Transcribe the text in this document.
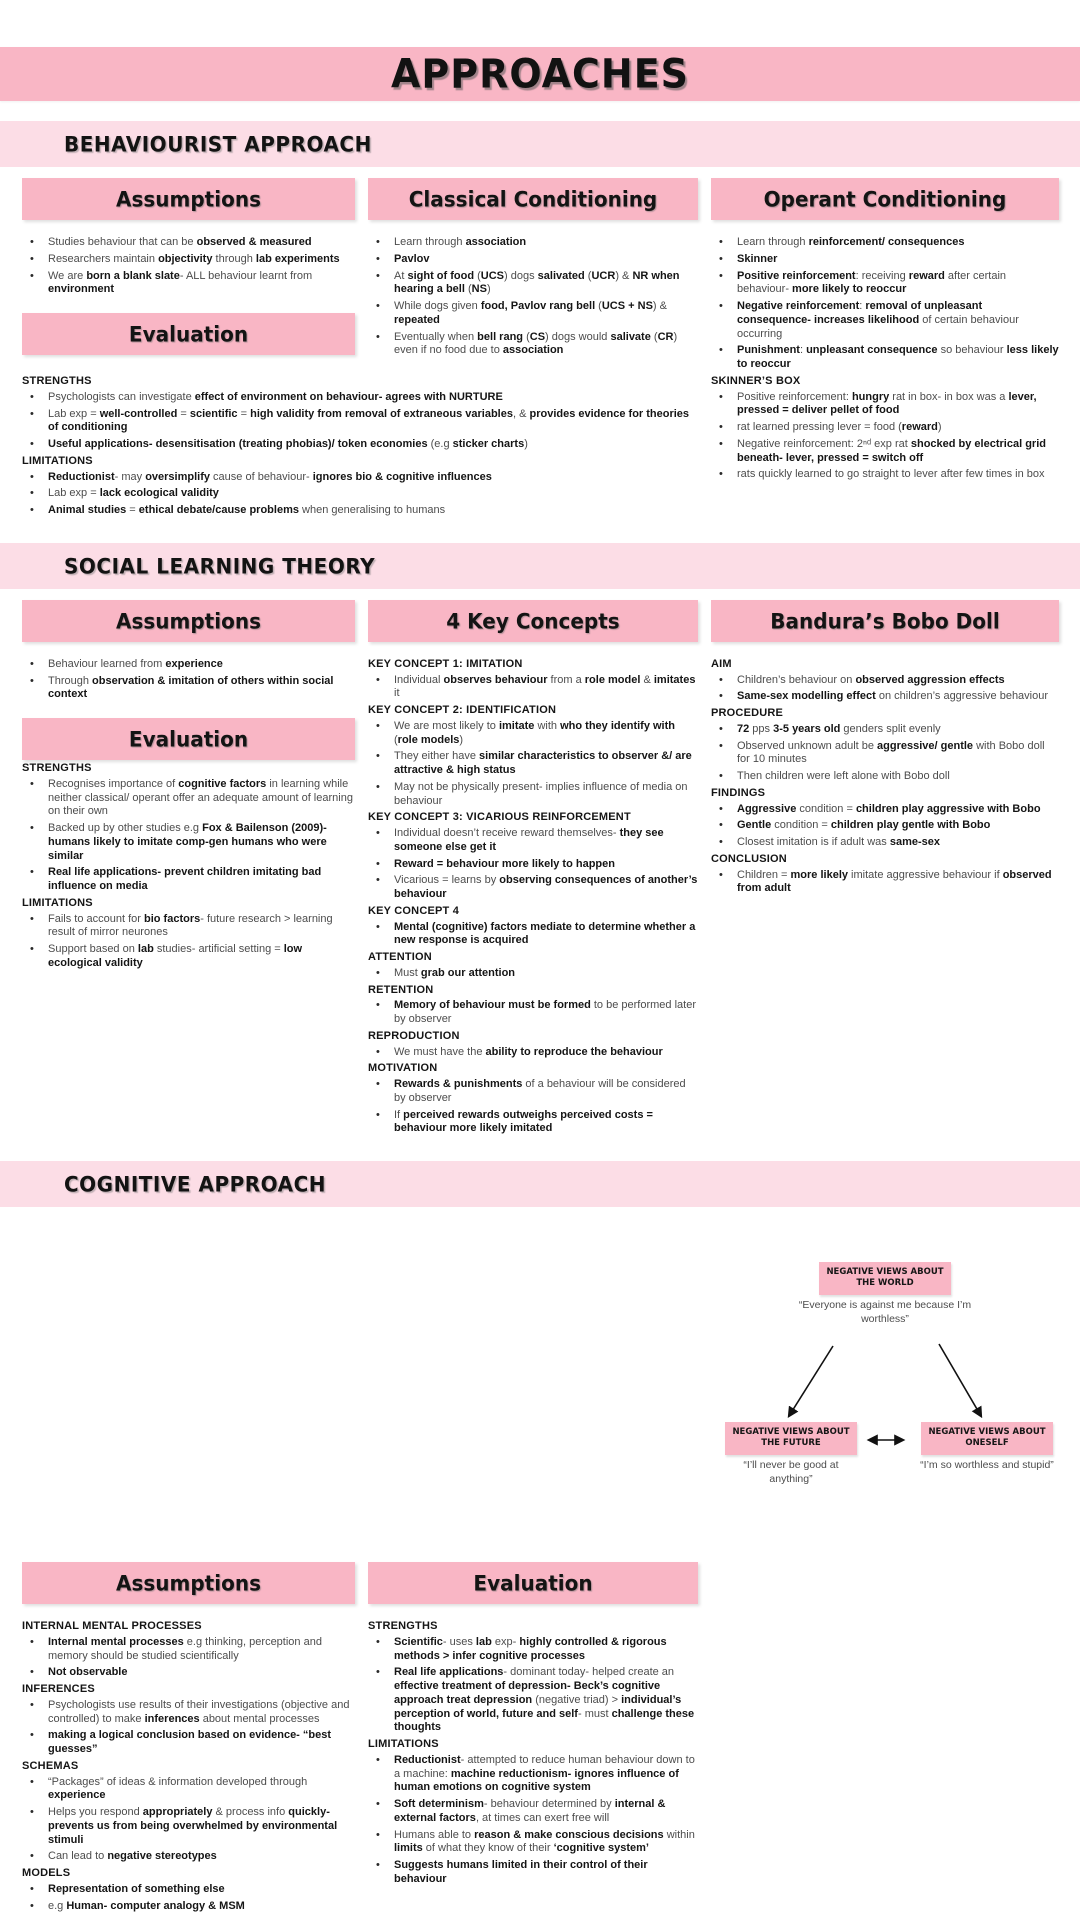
APPROACHES
BEHAVIOURIST APPROACH
Assumptions
•	Studies behaviour that can be observed & measured
•	Researchers maintain objectivity through lab experiments
•	We are born a blank slate- ALL behaviour learnt from environment
Evaluation
Classical Conditioning
•	Learn through association
•	Pavlov
•	At sight of food (UCS) dogs salivated (UCR) & NR when hearing a bell (NS)
•	While dogs given food, Pavlov rang bell (UCS + NS) & repeated
•	Eventually when bell rang (CS) dogs would salivate (CR) even if no food due to association
Operant Conditioning
•	Learn through reinforcement/ consequences
•	Skinner
•	Positive reinforcement: receiving reward after certain behaviour- more likely to reoccur
•	Negative reinforcement: removal of unpleasant consequence- increases likelihood of certain behaviour occurring
•	Punishment: unpleasant consequence so behaviour less likely to reoccur
SKINNER’S BOX
•	Positive reinforcement: hungry rat in box- in box was a lever, pressed = deliver pellet of food
•	rat learned pressing lever = food (reward)
•	Negative reinforcement: 2ⁿᵈ exp rat shocked by electrical grid beneath- lever, pressed = switch off
•	rats quickly learned to go straight to lever after few times in box
STRENGTHS
•	Psychologists can investigate effect of environment on behaviour- agrees with NURTURE
•	Lab exp = well-controlled = scientific = high validity from removal of extraneous variables, & provides evidence for theories of conditioning
•	Useful applications- desensitisation (treating phobias)/ token economies (e.g sticker charts)
LIMITATIONS
•	Reductionist- may oversimplify cause of behaviour- ignores bio & cognitive influences
•	Lab exp = lack ecological validity
•	Animal studies = ethical debate/cause problems when generalising to humans
SOCIAL LEARNING THEORY
Assumptions
•	Behaviour learned from experience
•	Through observation & imitation of others within social context
Evaluation
STRENGTHS
•	Recognises importance of cognitive factors in learning while neither classical/ operant offer an adequate amount of learning on their own
•	Backed up by other studies e.g Fox & Bailenson (2009)- humans likely to imitate comp-gen humans who were similar
•	Real life applications- prevent children imitating bad influence on media
LIMITATIONS
•	Fails to account for bio factors- future research > learning result of mirror neurones
•	Support based on lab studies- artificial setting = low ecological validity
4 Key Concepts
KEY CONCEPT 1: IMITATION
•	Individual observes behaviour from a role model & imitates it
KEY CONCEPT 2: IDENTIFICATION
•	We are most likely to imitate with who they identify with (role models)
•	They either have similar characteristics to observer &/ are attractive & high status
•	May not be physically present- implies influence of media on behaviour
KEY CONCEPT 3: VICARIOUS REINFORCEMENT
•	Individual doesn’t receive reward themselves- they see someone else get it
•	Reward = behaviour more likely to happen
•	Vicarious = learns by observing consequences of another’s behaviour
KEY CONCEPT 4
•	Mental (cognitive) factors mediate to determine whether a new response is acquired
ATTENTION
•	Must grab our attention
RETENTION
•	Memory of behaviour must be formed to be performed later by observer
REPRODUCTION
•	We must have the ability to reproduce the behaviour
MOTIVATION
•	Rewards & punishments of a behaviour will be considered by observer
•	If perceived rewards outweighs perceived costs = behaviour more likely imitated
Bandura’s Bobo Doll
AIM
•	Children’s behaviour on observed aggression effects
•	Same-sex modelling effect on children’s aggressive behaviour
PROCEDURE
•	72 pps 3-5 years old genders split evenly
•	Observed unknown adult be aggressive/ gentle with Bobo doll for 10 minutes
•	Then children were left alone with Bobo doll
FINDINGS
•	Aggressive condition = children play aggressive with Bobo
•	Gentle condition = children play gentle with Bobo
•	Closest imitation is if adult was same-sex
CONCLUSION
•	Children = more likely imitate aggressive behaviour if observed from adult
COGNITIVE APPROACH
NEGATIVE VIEWS ABOUT THE WORLD
“Everyone is against me because I’m worthless”
NEGATIVE VIEWS ABOUT THE FUTURE
“I’ll never be good at anything”
NEGATIVE VIEWS ABOUT ONESELF
“I’m so worthless and stupid”
Assumptions
INTERNAL MENTAL PROCESSES
•	Internal mental processes e.g thinking, perception and memory should be studied scientifically
•	Not observable
INFERENCES
•	Psychologists use results of their investigations (objective and controlled) to make inferences about mental processes
•	making a logical conclusion based on evidence- “best guesses”
SCHEMAS
•	“Packages” of ideas & information developed through experience
•	Helps you respond appropriately & process info quickly- prevents us from being overwhelmed by environmental stimuli
•	Can lead to negative stereotypes
MODELS
•	Representation of something else
•	e.g Human- computer analogy & MSM
Evaluation
STRENGTHS
•	Scientific- uses lab exp- highly controlled & rigorous methods > infer cognitive processes
•	Real life applications- dominant today- helped create an effective treatment of depression- Beck’s cognitive approach treat depression (negative triad) > individual’s perception of world, future and self- must challenge these thoughts
LIMITATIONS
•	Reductionist- attempted to reduce human behaviour down to a machine: machine reductionism- ignores influence of human emotions on cognitive system
•	Soft determinism- behaviour determined by internal & external factors, at times can exert free will
•	Humans able to reason & make conscious decisions within limits of what they know of their ‘cognitive system’
•	Suggests humans limited in their control of their behaviour
